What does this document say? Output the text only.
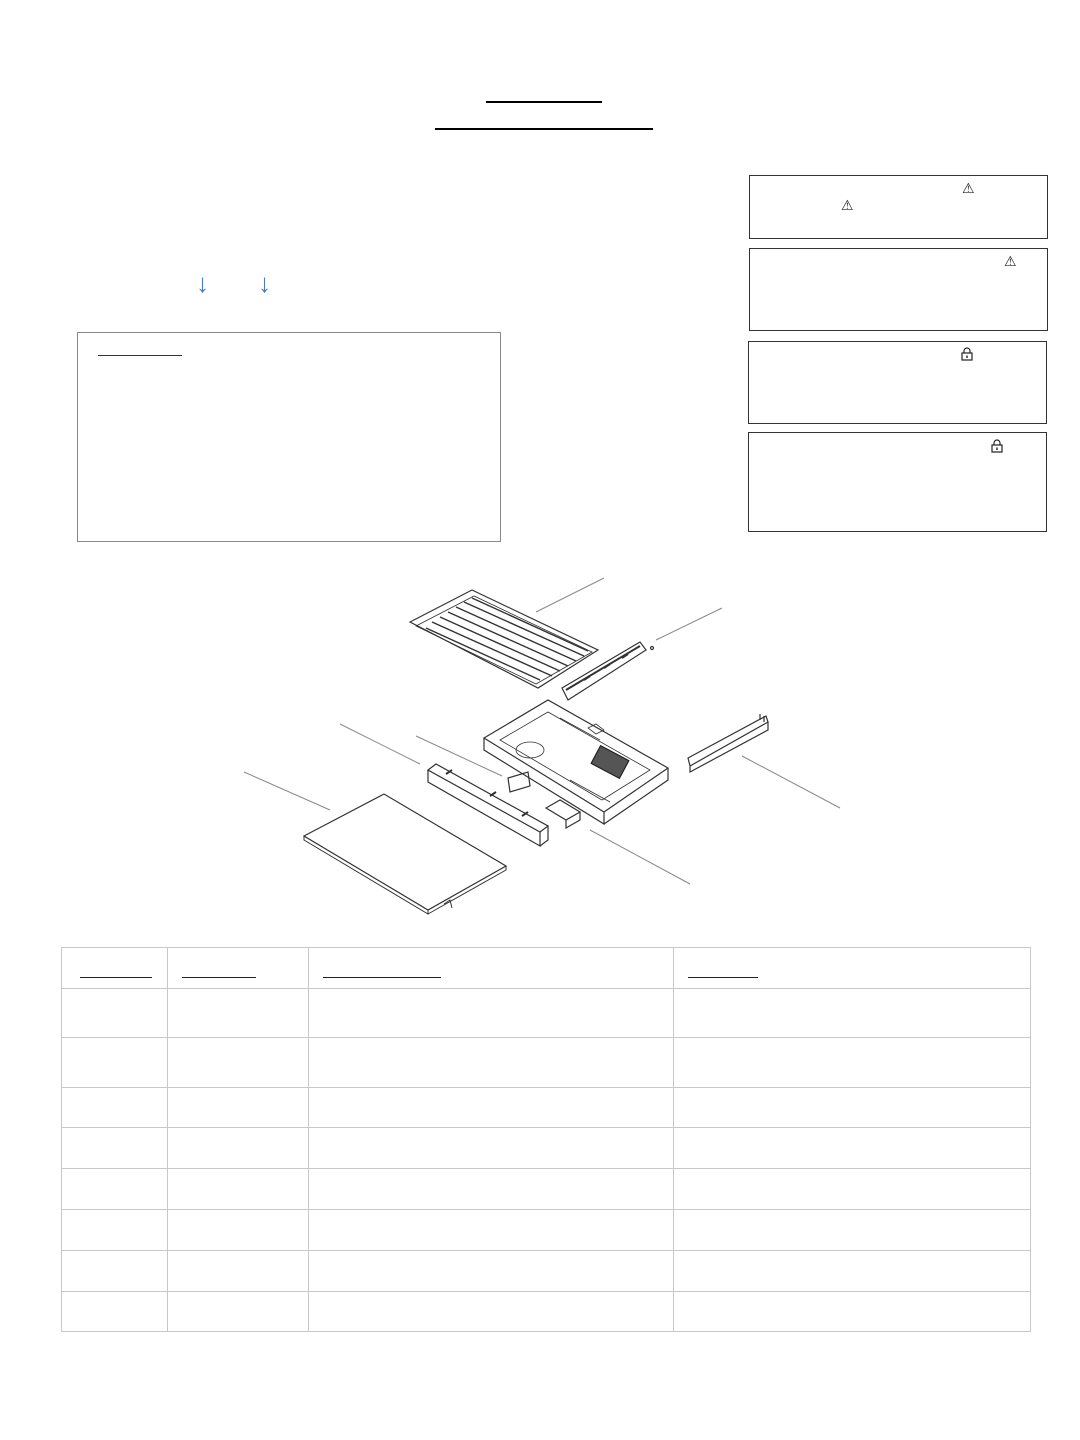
↓ ↓
⚠
⚠
⚠
